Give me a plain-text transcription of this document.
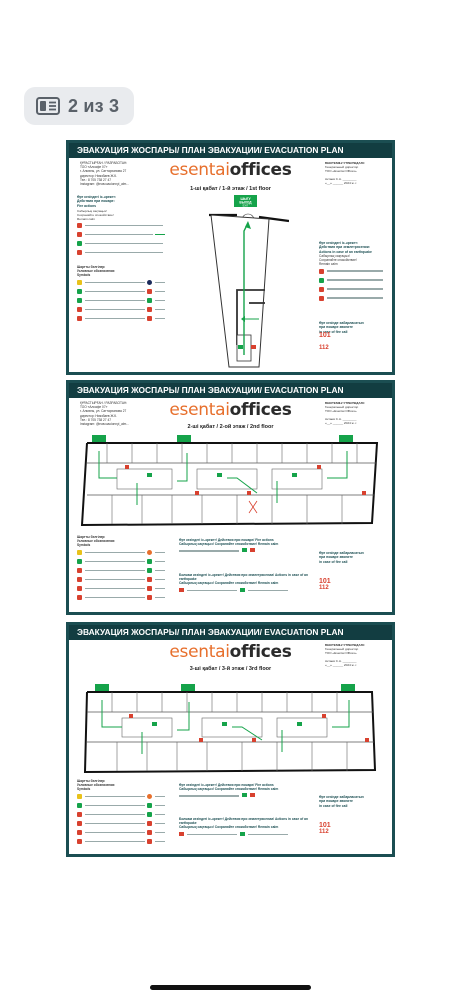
2 из 3
ЭВАКУАЦИЯ ЖОСПАРЫ/ ПЛАН ЭВАКУАЦИИ/ EVACUATION PLAN
esentaioffices
1-ші қабат / 1-й этаж / 1st floor
ҚҰРАСТЫРҒАН / РАЗРАБОТАН:
ТОО «Алсафе 07»
г. Алматы, ул. Саттарханова 27
директор: Ниязбаев Ж.К.
Тел.: 8 705 738 27 47
Instagram: @evacuacionnyi_alm...
БЕКІТЕМІН/ УТВЕРЖДАЮ:
Генеральный директор
ТОО «Esentai Offices»

Актаев С.А. ________
«__» ______ 2024 ж. г.
Өрт кезіндегі іс-әрекет:
Действия при пожаре:
Fire actions
Сабырлық сақтаңыз!
Сохраняйте спокойствие!
Remain calm
Шартты белгілер:
Условные обозначения:
Symbols
ШЫҒУ
ВЫХОД
EXIT
Өрт кезіндегі іс-әрекет:
Действия при землетрясении:
Actions in case of an earthquake
Сабырлық сақтаңыз!
Сохраняйте спокойствие!
Remain calm
Өрт кезінде хабарласатын
при пожаре звоните
in case of fire call
101
112
ЭВАКУАЦИЯ ЖОСПАРЫ/ ПЛАН ЭВАКУАЦИИ/ EVACUATION PLAN
esentaioffices
2-ші қабат / 2-ой этаж / 2nd floor
ҚҰРАСТЫРҒАН / РАЗРАБОТАН:
ТОО «Алсафе 07»
г. Алматы, ул. Саттарханова 27
директор: Ниязбаев Ж.К.
Тел.: 8 705 738 27 47
Instagram: @evacuacionnyi_alm...
БЕКІТЕМІН/ УТВЕРЖДАЮ:
Генеральный директор
ТОО «Esentai Offices»

Актаев С.А. ________
«__» ______ 2024 ж. г.
Шартты белгілер:
Условные обозначения:
Symbols
Өрт кезіндегі іс-әрекет! Действия при пожаре/ Fire actions
Сабырлық сақтаңыз! Сохраняйте спокойствие! Remain calm
Болжам кезіндегі іс-әрекет! Действия при землетрясении/ Actions in case of an earthquake
Сабырлық сақтаңыз! Сохраняйте спокойствие! Remain calm
Өрт кезінде хабарласатын
при пожаре звоните
in case of fire call
101
112
ЭВАКУАЦИЯ ЖОСПАРЫ/ ПЛАН ЭВАКУАЦИИ/ EVACUATION PLAN
esentaioffices
3-ші қабат / 3-й этаж / 3rd floor
БЕКІТЕМІН/ УТВЕРЖДАЮ:
Генеральный директор
ТОО «Esentai Offices»

Актаев С.А. ________
«__» ______ 2024 ж. г.
Шартты белгілер:
Условные обозначения:
Symbols
Өрт кезіндегі іс-әрекет! Действия при пожаре/ Fire actions
Сабырлық сақтаңыз! Сохраняйте спокойствие! Remain calm
Болжам кезіндегі іс-әрекет! Действия при землетрясении/ Actions in case of an earthquake
Сабырлық сақтаңыз! Сохраняйте спокойствие! Remain calm
Өрт кезінде хабарласатын
при пожаре звоните
in case of fire call
101
112
